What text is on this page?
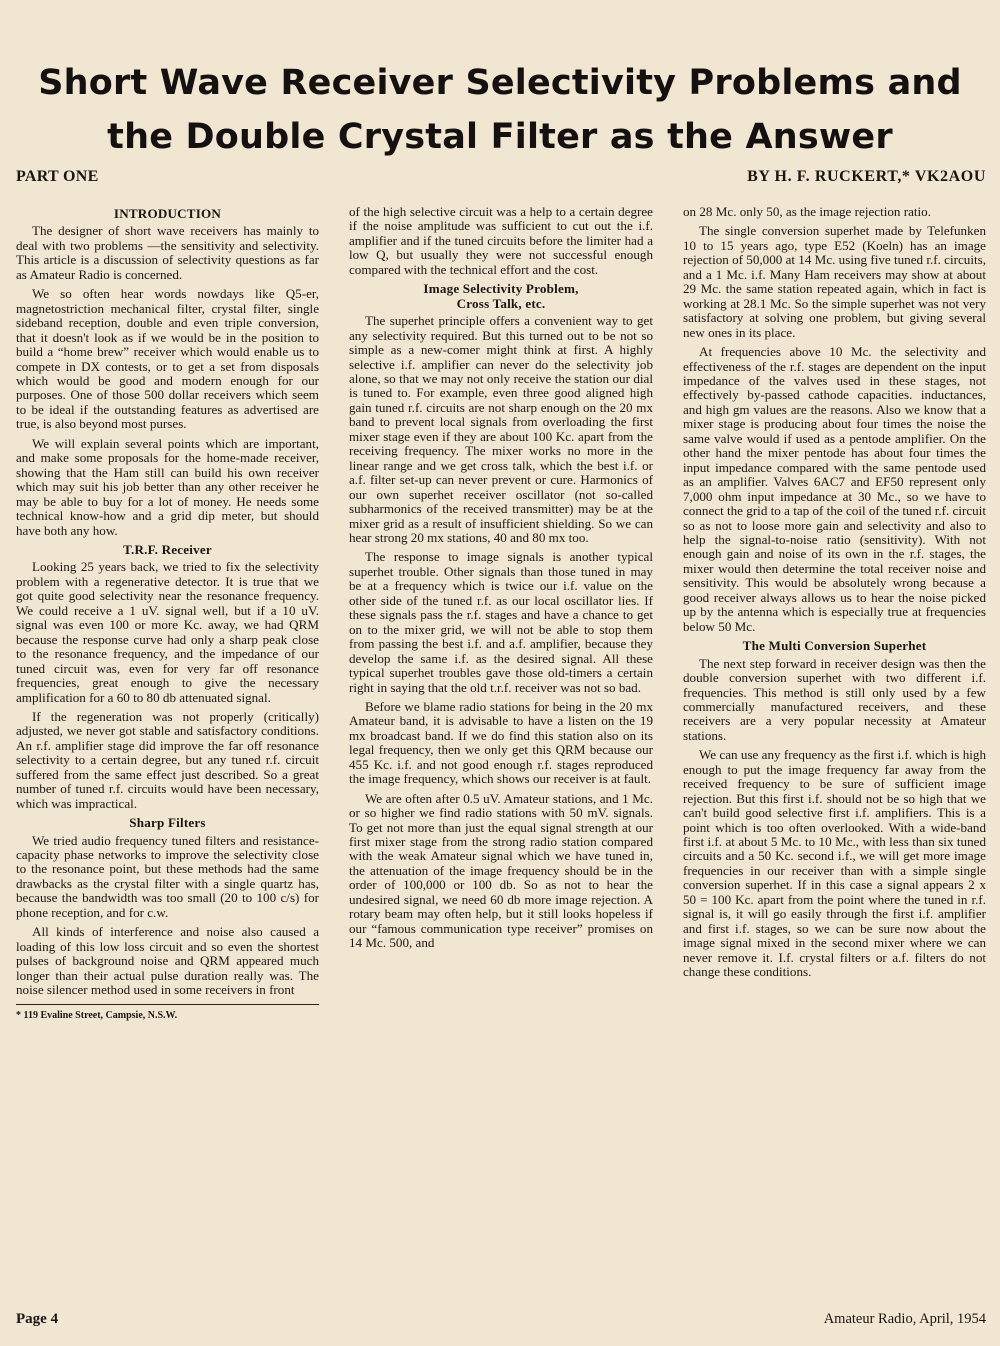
Short Wave Receiver Selectivity Problems and
the Double Crystal Filter as the Answer
PART ONE	BY H. F. RUCKERT,* VK2AOU
INTRODUCTION

The designer of short wave receivers has mainly to deal with two problems —the sensitivity and selectivity. This article is a discussion of selectivity questions as far as Amateur Radio is concerned.

We so often hear words nowdays like Q5-er, magnetostriction mechanical filter, crystal filter, single sideband reception, double and even triple conversion, that it doesn't look as if we would be in the position to build a “home brew” receiver which would enable us to compete in DX contests, or to get a set from disposals which would be good and modern enough for our purposes. One of those 500 dollar receivers which seem to be ideal if the outstanding features as advertised are true, is also beyond most purses.

We will explain several points which are important, and make some proposals for the home-made receiver, showing that the Ham still can build his own receiver which may suit his job better than any other receiver he may be able to buy for a lot of money. He needs some technical know-how and a grid dip meter, but should have both any how.

T.R.F. Receiver

Looking 25 years back, we tried to fix the selectivity problem with a regenerative detector. It is true that we got quite good selectivity near the resonance frequency. We could receive a 1 uV. signal well, but if a 10 uV. signal was even 100 or more Kc. away, we had QRM because the response curve had only a sharp peak close to the resonance frequency, and the impedance of our tuned circuit was, even for very far off resonance frequencies, great enough to give the necessary amplification for a 60 to 80 db attenuated signal.

If the regeneration was not properly (critically) adjusted, we never got stable and satisfactory conditions. An r.f. amplifier stage did improve the far off resonance selectivity to a certain degree, but any tuned r.f. circuit suffered from the same effect just described. So a great number of tuned r.f. circuits would have been necessary, which was impractical.

Sharp Filters

We tried audio frequency tuned filters and resistance-capacity phase networks to improve the selectivity close to the resonance point, but these methods had the same drawbacks as the crystal filter with a single quartz has, because the bandwidth was too small (20 to 100 c/s) for phone reception, and for c.w.

All kinds of interference and noise also caused a loading of this low loss circuit and so even the shortest pulses of background noise and QRM appeared much longer than their actual pulse duration really was. The noise silencer method used in some receivers in front

* 119 Evaline Street, Campsie, N.S.W.

of the high selective circuit was a help to a certain degree if the noise amplitude was sufficient to cut out the i.f. amplifier and if the tuned circuits before the limiter had a low Q, but usually they were not successful enough compared with the technical effort and the cost.

Image Selectivity Problem,
Cross Talk, etc.

The superhet principle offers a convenient way to get any selectivity required. But this turned out to be not so simple as a new-comer might think at first. A highly selective i.f. amplifier can never do the selectivity job alone, so that we may not only receive the station our dial is tuned to. For example, even three good aligned high gain tuned r.f. circuits are not sharp enough on the 20 mx band to prevent local signals from overloading the first mixer stage even if they are about 100 Kc. apart from the receiving frequency. The mixer works no more in the linear range and we get cross talk, which the best i.f. or a.f. filter set-up can never prevent or cure. Harmonics of our own superhet receiver oscillator (not so-called subharmonics of the received transmitter) may be at the mixer grid as a result of insufficient shielding. So we can hear strong 20 mx stations, 40 and 80 mx too.

The response to image signals is another typical superhet trouble. Other signals than those tuned in may be at a frequency which is twice our i.f. value on the other side of the tuned r.f. as our local oscillator lies. If these signals pass the r.f. stages and have a chance to get on to the mixer grid, we will not be able to stop them from passing the best i.f. and a.f. amplifier, because they develop the same i.f. as the desired signal. All these typical superhet troubles gave those old-timers a certain right in saying that the old t.r.f. receiver was not so bad.

Before we blame radio stations for being in the 20 mx Amateur band, it is advisable to have a listen on the 19 mx broadcast band. If we do find this station also on its legal frequency, then we only get this QRM because our 455 Kc. i.f. and not good enough r.f. stages reproduced the image frequency, which shows our receiver is at fault.

We are often after 0.5 uV. Amateur stations, and 1 Mc. or so higher we find radio stations with 50 mV. signals. To get not more than just the equal signal strength at our first mixer stage from the strong radio station compared with the weak Amateur signal which we have tuned in, the attenuation of the image frequency should be in the order of 100,000 or 100 db. So as not to hear the undesired signal, we need 60 db more image rejection. A rotary beam may often help, but it still looks hopeless if our “famous communication type receiver” promises on 14 Mc. 500, and

on 28 Mc. only 50, as the image rejection ratio.

The single conversion superhet made by Telefunken 10 to 15 years ago, type E52 (Koeln) has an image rejection of 50,000 at 14 Mc. using five tuned r.f. circuits, and a 1 Mc. i.f. Many Ham receivers may show at about 29 Mc. the same station repeated again, which in fact is working at 28.1 Mc. So the simple superhet was not very satisfactory at solving one problem, but giving several new ones in its place.

At frequencies above 10 Mc. the selectivity and effectiveness of the r.f. stages are dependent on the input impedance of the valves used in these stages, not effectively by-passed cathode capacities. inductances, and high gm values are the reasons. Also we know that a mixer stage is producing about four times the noise the same valve would if used as a pentode amplifier. On the other hand the mixer pentode has about four times the input impedance compared with the same pentode used as an amplifier. Valves 6AC7 and EF50 represent only 7,000 ohm input impedance at 30 Mc., so we have to connect the grid to a tap of the coil of the tuned r.f. circuit so as not to loose more gain and selectivity and also to help the signal-to-noise ratio (sensitivity). With not enough gain and noise of its own in the r.f. stages, the mixer would then determine the total receiver noise and sensitivity. This would be absolutely wrong because a good receiver always allows us to hear the noise picked up by the antenna which is especially true at frequencies below 50 Mc.

The Multi Conversion Superhet

The next step forward in receiver design was then the double conversion superhet with two different i.f. frequencies. This method is still only used by a few commercially manufactured receivers, and these receivers are a very popular necessity at Amateur stations.

We can use any frequency as the first i.f. which is high enough to put the image frequency far away from the received frequency to be sure of sufficient image rejection. But this first i.f. should not be so high that we can't build good selective first i.f. amplifiers. This is a point which is too often overlooked. With a wide-band first i.f. at about 5 Mc. to 10 Mc., with less than six tuned circuits and a 50 Kc. second i.f., we will get more image frequencies in our receiver than with a simple single conversion superhet. If in this case a signal appears 2 x 50 = 100 Kc. apart from the point where the tuned in r.f. signal is, it will go easily through the first i.f. amplifier and first i.f. stages, so we can be sure now about the image signal mixed in the second mixer where we can never remove it. I.f. crystal filters or a.f. filters do not change these conditions.

Page 4	Amateur Radio, April, 1954
